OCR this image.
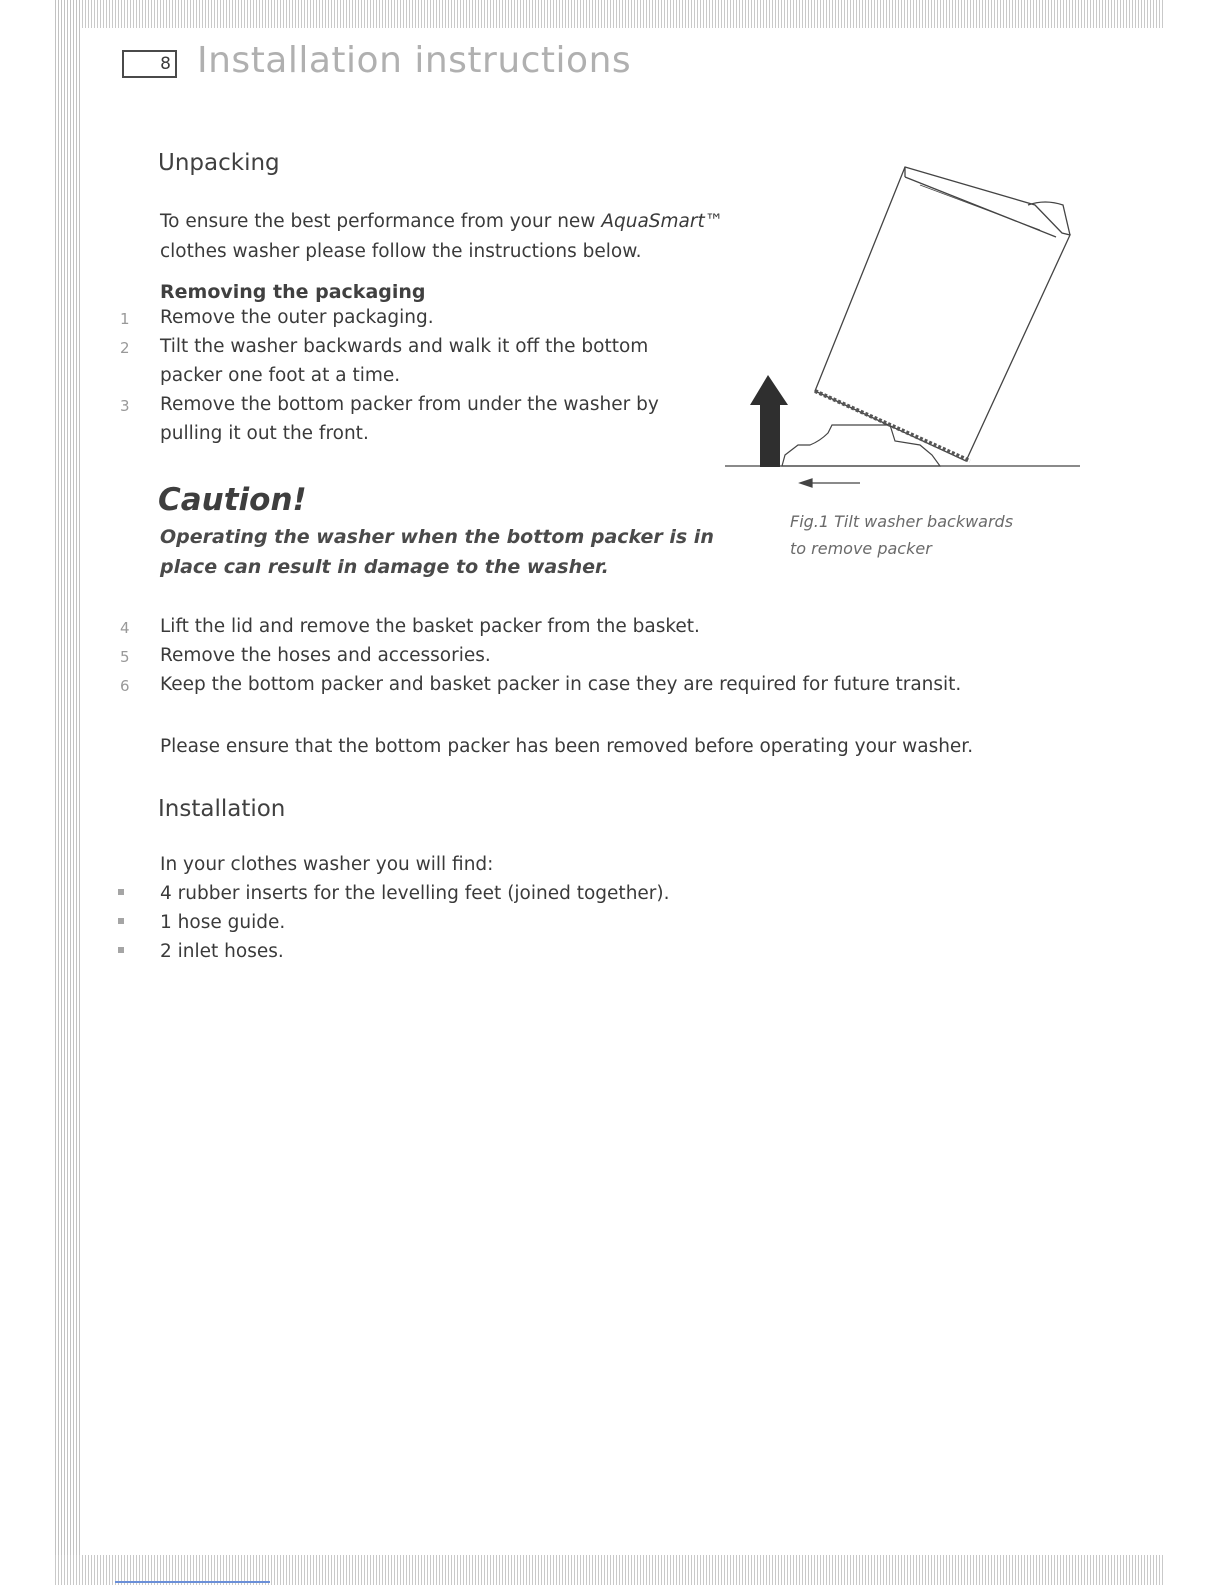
8 Installation instructions
Unpacking
To ensure the best performance from your new AquaSmart™
clothes washer please follow the instructions below.
Removing the packaging
1 Remove the outer packaging.
2 Tilt the washer backwards and walk it off the bottom
packer one foot at a time.
3 Remove the bottom packer from under the washer by
pulling it out the front.
Fig.1 Tilt washer backwards
to remove packer
Caution!
Operating the washer when the bottom packer is in
place can result in damage to the washer.
4 Lift the lid and remove the basket packer from the basket.
5 Remove the hoses and accessories.
6 Keep the bottom packer and basket packer in case they are required for future transit.
Please ensure that the bottom packer has been removed before operating your washer.
Installation
In your clothes washer you will find:
4 rubber inserts for the levelling feet (joined together).
1 hose guide.
2 inlet hoses.
